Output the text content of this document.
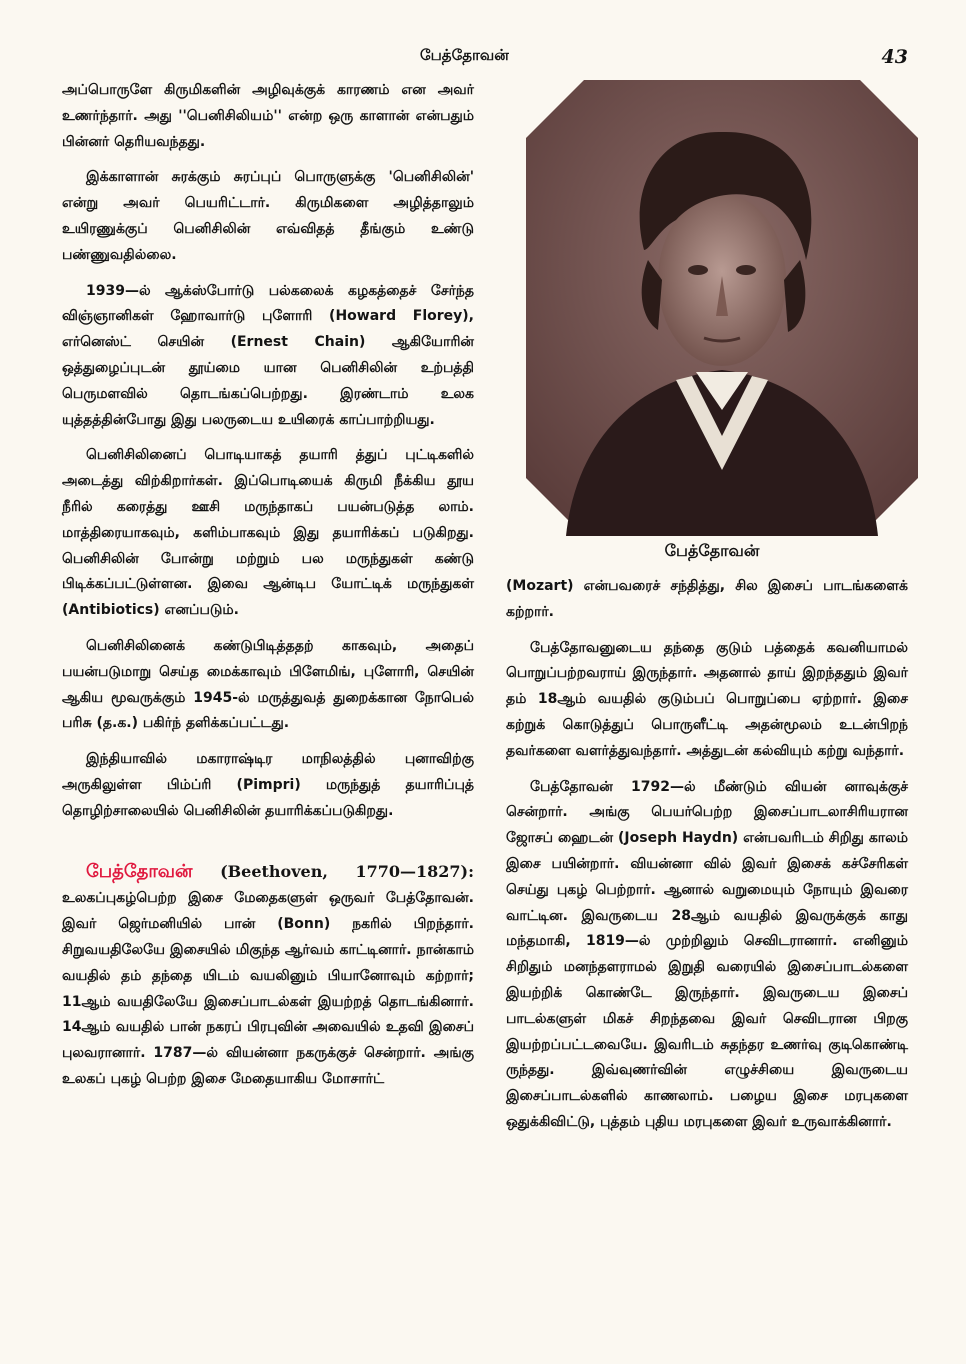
பேத்தோவன்	43

அப்பொருளே கிருமிகளின் அழிவுக்குக் காரணம் என அவர் உணர்ந்தார். அது ''பெனிசிலியம்'' என்ற ஒரு காளான் என்பதும் பின்னர் தெரியவந்தது.

இக்காளான் சுரக்கும் சுரப்புப் பொருளுக்கு 'பெனிசிலின்' என்று அவர் பெயரிட்டார். கிருமிகளை அழித்தாலும் உயிரணுக்குப் பெனிசிலின் எவ்விதத் தீங்கும் உண்டு பண்ணுவதில்லை.

1939—ல் ஆக்ஸ்போர்டு பல்கலைக் கழகத்தைச் சேர்ந்த விஞ்ஞானிகள் ஹோவார்டு புளோரி (Howard Florey), எர்னெஸ்ட் செயின் (Ernest Chain) ஆகியோரின் ஒத்துழைப்புடன் தூய்மை யான பெனிசிலின் உற்பத்தி பெருமளவில் தொடங்கப்பெற்றது. இரண்டாம் உலக யுத்தத்தின்போது இது பலருடைய உயிரைக் காப்பாற்றியது.

பெனிசிலினைப் பொடியாகத் தயாரி த்துப் புட்டிகளில் அடைத்து விற்கிறார்கள். இப்பொடியைக் கிருமி நீக்கிய தூய நீரில் கரைத்து ஊசி மருந்தாகப் பயன்படுத்த லாம். மாத்திரையாகவும், களிம்பாகவும் இது தயாரிக்கப் படுகிறது. பெனிசிலின் போன்று மற்றும் பல மருந்துகள் கண்டு பிடிக்கப்பட்டுள்ளன. இவை ஆன்டிப யோட்டிக் மருந்துகள் (Antibiotics) எனப்படும்.

பெனிசிலினைக் கண்டுபிடித்ததற் காகவும், அதைப் பயன்படுமாறு செய்த மைக்காவும் பிளேமிங், புளோரி, செயின் ஆகிய மூவருக்கும் 1945-ல் மருத்துவத் துறைக்கான நோபெல் பரிசு (த.க.) பகிர்ந் தளிக்கப்பட்டது.

இந்தியாவில் மகாராஷ்டிர மாநிலத்தில் புனாவிற்கு அருகிலுள்ள பிம்ப்ரி (Pimpri) மருந்துத் தயாரிப்புத் தொழிற்சாலையில் பெனிசிலின் தயாரிக்கப்படுகிறது.

பேத்தோவன் (Beethoven, 1770—1827): உலகப்புகழ்பெற்ற இசை மேதைகளுள் ஒருவர் பேத்தோவன். இவர் ஜெர்மனியில் பான் (Bonn) நகரில் பிறந்தார். சிறுவயதிலேயே இசையில் மிகுந்த ஆர்வம் காட்டினார். நான்காம் வயதில் தம் தந்தை யிடம் வயலினும் பியானோவும் கற்றார்; 11ஆம் வயதிலேயே இசைப்பாடல்கள் இயற்றத் தொடங்கினார். 14ஆம் வயதில் பான் நகரப் பிரபுவின் அவையில் உதவி இசைப் புலவரானார். 1787—ல் வியன்னா நகருக்குச் சென்றார். அங்கு உலகப் புகழ் பெற்ற இசை மேதையாகிய மோசார்ட்

பேத்தோவன்

(Mozart) என்பவரைச் சந்தித்து, சில இசைப் பாடங்களைக் கற்றார்.

பேத்தோவனுடைய தந்தை குடும் பத்தைக் கவனியாமல் பொறுப்பற்றவராய் இருந்தார். அதனால் தாய் இறந்ததும் இவர் தம் 18ஆம் வயதில் குடும்பப் பொறுப்பை ஏற்றார். இசை கற்றுக் கொடுத்துப் பொருளீட்டி அதன்மூலம் உடன்பிறந் தவர்களை வளர்த்துவந்தார். அத்துடன் கல்வியும் கற்று வந்தார்.

பேத்தோவன் 1792—ல் மீண்டும் வியன் னாவுக்குச் சென்றார். அங்கு பெயர்பெற்ற இசைப்பாடலாசிரியரான ஜோசப் ஹைடன் (Joseph Haydn) என்பவரிடம் சிறிது காலம் இசை பயின்றார். வியன்னா வில் இவர் இசைக் கச்சேரிகள் செய்து புகழ் பெற்றார். ஆனால் வறுமையும் நோயும் இவரை வாட்டின. இவருடைய 28ஆம் வயதில் இவருக்குக் காது மந்தமாகி, 1819—ல் முற்றிலும் செவிடரானார். எனினும் சிறிதும் மனந்தளராமல் இறுதி வரையில் இசைப்பாடல்களை இயற்றிக் கொண்டே இருந்தார். இவருடைய இசைப் பாடல்களுள் மிகச் சிறந்தவை இவர் செவிடரான பிறகு இயற்றப்பட்டவையே. இவரிடம் சுதந்தர உணர்வு குடிகொண்டி ருந்தது. இவ்வுணர்வின் எழுச்சியை இவருடைய இசைப்பாடல்களில் காணலாம். பழைய இசை மரபுகளை ஒதுக்கிவிட்டு, புத்தம் புதிய மரபுகளை இவர் உருவாக்கினார்.
